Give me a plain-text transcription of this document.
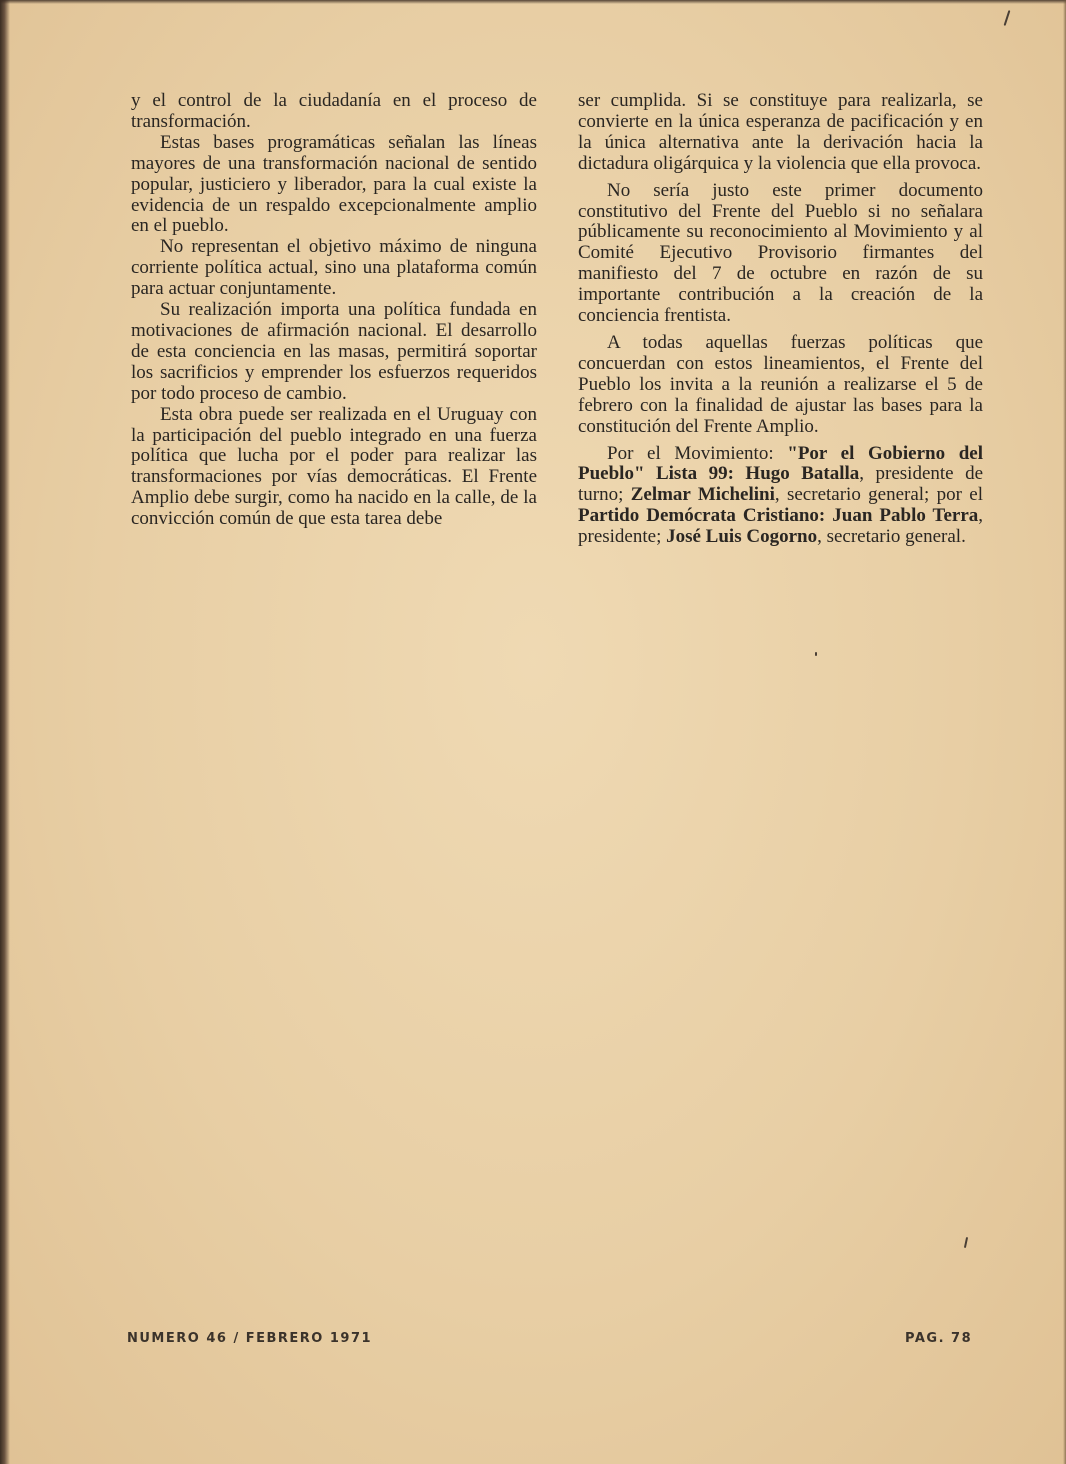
y el control de la ciudadanía en el proceso de transformación.

Estas bases programáticas señalan las líneas mayores de una transformación nacional de sentido popular, justiciero y liberador, para la cual existe la evidencia de un respaldo excepcionalmente amplio en el pueblo.

No representan el objetivo máximo de ninguna corriente política actual, sino una plataforma común para actuar conjuntamente.

Su realización importa una política fundada en motivaciones de afirmación nacional. El desarrollo de esta conciencia en las masas, permitirá soportar los sacrificios y emprender los esfuerzos requeridos por todo proceso de cambio.

Esta obra puede ser realizada en el Uruguay con la participación del pueblo integrado en una fuerza política que lucha por el poder para realizar las transformaciones por vías democráticas. El Frente Amplio debe surgir, como ha nacido en la calle, de la convicción común de que esta tarea debe

ser cumplida. Si se constituye para realizarla, se convierte en la única esperanza de pacificación y en la única alternativa ante la derivación hacia la dictadura oligárquica y la violencia que ella provoca.

No sería justo este primer documento constitutivo del Frente del Pueblo si no señalara públicamente su reconocimiento al Movimiento y al Comité Ejecutivo Provisorio firmantes del manifiesto del 7 de octubre en razón de su importante contribución a la creación de la conciencia frentista.

A todas aquellas fuerzas políticas que concuerdan con estos lineamientos, el Frente del Pueblo los invita a la reunión a realizarse el 5 de febrero con la finalidad de ajustar las bases para la constitución del Frente Amplio.

Por el Movimiento: "Por el Gobierno del Pueblo" Lista 99: Hugo Batalla, presidente de turno; Zelmar Michelini, secretario general; por el Partido Demócrata Cristiano: Juan Pablo Terra, presidente; José Luis Cogorno, secretario general.

NUMERO 46 / FEBRERO 1971	PAG. 78
